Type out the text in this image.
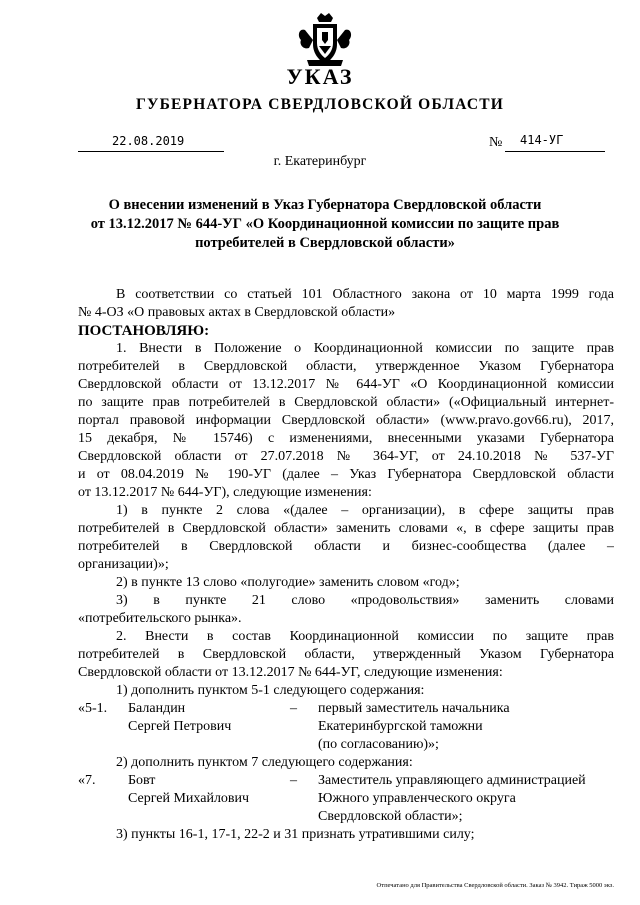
УКАЗ
ГУБЕРНАТОРА СВЕРДЛОВСКОЙ ОБЛАСТИ
22.08.2019	№ 414-УГ
г. Екатеринбург
О внесении изменений в Указ Губернатора Свердловской области
от 13.12.2017 № 644-УГ «О Координационной комиссии по защите прав
потребителей в Свердловской области»
В соответствии со статьей 101 Областного закона от 10 марта 1999 года
№ 4-ОЗ «О правовых актах в Свердловской области»
ПОСТАНОВЛЯЮ:
1. Внести в Положение о Координационной комиссии по защите прав
потребителей в Свердловской области, утвержденное Указом Губернатора
Свердловской области от 13.12.2017 № 644-УГ «О Координационной комиссии
по защите прав потребителей в Свердловской области» («Официальный интернет-
портал правовой информации Свердловской области» (www.pravo.gov66.ru), 2017,
15 декабря, № 15746) с изменениями, внесенными указами Губернатора
Свердловской области от 27.07.2018 № 364-УГ, от 24.10.2018 № 537-УГ
и от 08.04.2019 № 190-УГ (далее – Указ Губернатора Свердловской области
от 13.12.2017 № 644-УГ), следующие изменения:
1) в пункте 2 слова «(далее – организации), в сфере защиты прав
потребителей в Свердловской области» заменить словами «, в сфере защиты прав
потребителей в Свердловской области и бизнес-сообщества (далее –
организации)»;
2) в пункте 13 слово «полугодие» заменить словом «год»;
3) в пункте 21 слово «продовольствия» заменить словами
«потребительского рынка».
2. Внести в состав Координационной комиссии по защите прав
потребителей в Свердловской области, утвержденный Указом Губернатора
Свердловской области от 13.12.2017 № 644-УГ, следующие изменения:
1) дополнить пунктом 5-1 следующего содержания:
«5-1. Баландин	– первый заместитель начальника
Сергей Петрович	Екатеринбургской таможни
(по согласованию)»;
2) дополнить пунктом 7 следующего содержания:
«7. Бовт	– Заместитель управляющего администрацией
Сергей Михайлович	Южного управленческого округа
Свердловской области»;
3) пункты 16-1, 17-1, 22-2 и 31 признать утратившими силу;
Отпечатано для Правительства Свердловской области. Заказ № 3942. Тираж 5000 экз.
